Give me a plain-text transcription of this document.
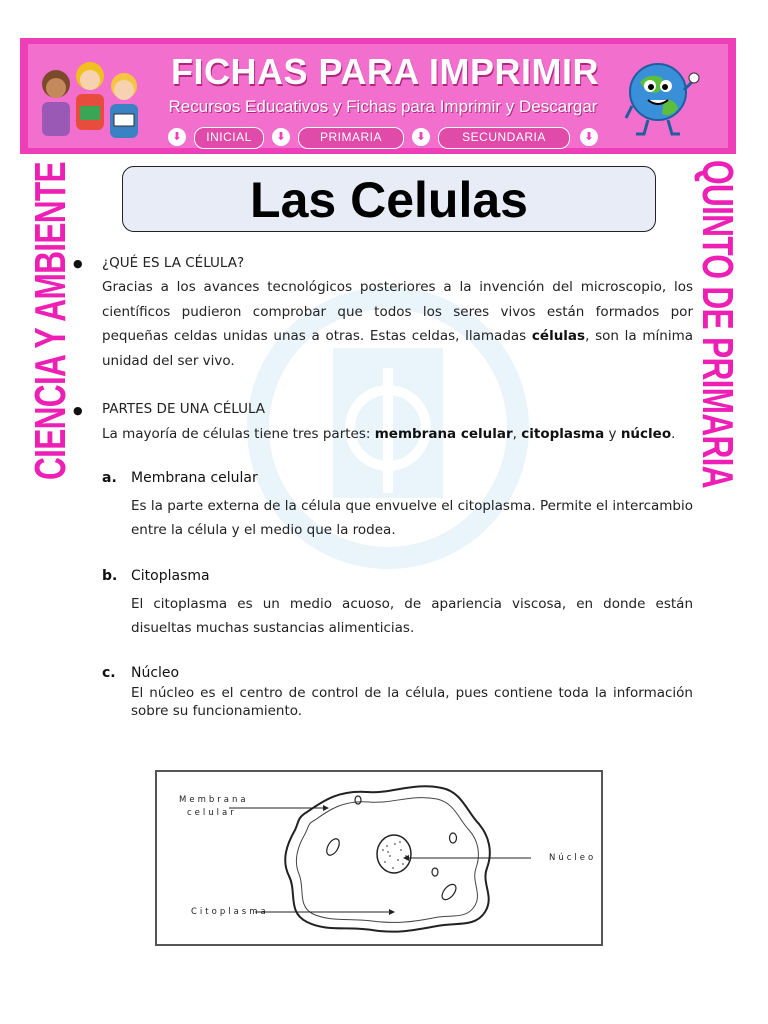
FICHAS PARA IMPRIMIR
Recursos Educativos y Fichas para Imprimir y Descargar
⬇	INICIAL	⬇	PRIMARIA	⬇	SECUNDARIA	⬇
CIENCIA Y AMBIENTE	QUINTO DE PRIMARIA
Las Celulas
● ¿QUÉ ES LA CÉLULA?
Gracias a los avances tecnológicos posteriores a la invención del microscopio, los científicos pudieron comprobar que todos los seres vivos están formados por pequeñas celdas unidas unas a otras. Estas celdas, llamadas células, son la mínima unidad del ser vivo.
● PARTES DE UNA CÉLULA
La mayoría de células tiene tres partes: membrana celular, citoplasma y núcleo.
a. Membrana celular
Es la parte externa de la célula que envuelve el citoplasma. Permite el intercambio entre la célula y el medio que la rodea.
b. Citoplasma
El citoplasma es un medio acuoso, de apariencia viscosa, en donde están disueltas muchas sustancias alimenticias.
c. Núcleo
El núcleo es el centro de control de la célula, pues contiene toda la información sobre su funcionamiento.
Membrana
celular
Núcleo
Citoplasma
